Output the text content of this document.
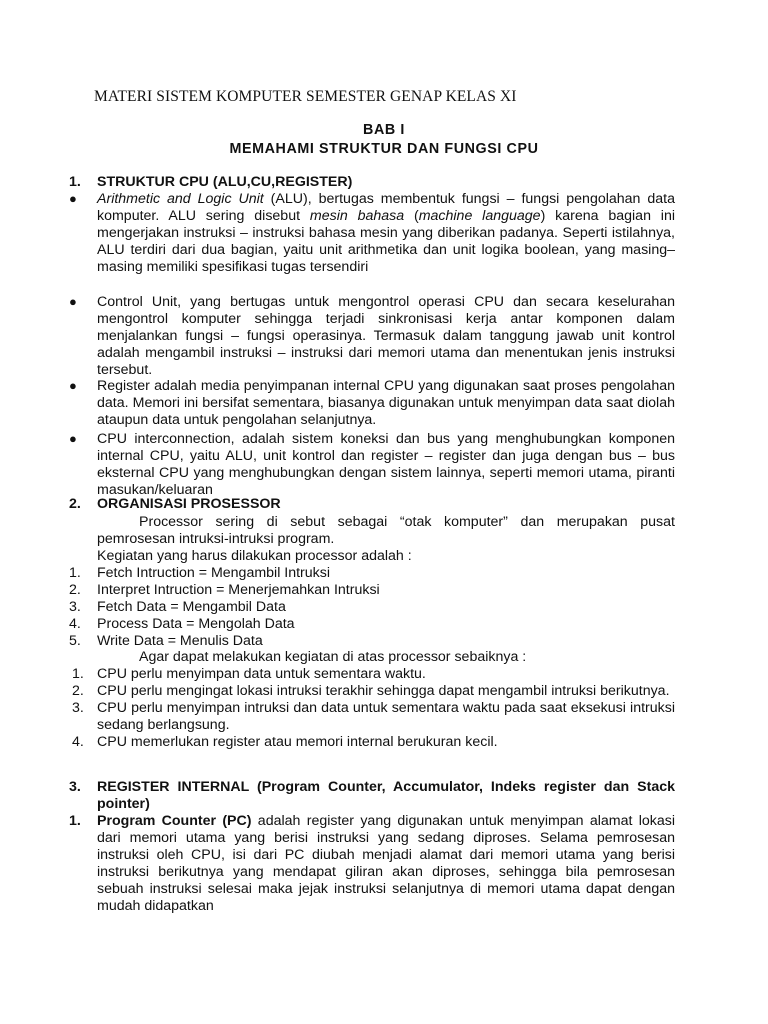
MATERI SISTEM KOMPUTER SEMESTER GENAP KELAS XI
BAB I
MEMAHAMI STRUKTUR DAN FUNGSI CPU
1.	STRUKTUR CPU (ALU,CU,REGISTER)
● Arithmetic and Logic Unit (ALU), bertugas membentuk fungsi – fungsi pengolahan data komputer. ALU sering disebut mesin bahasa (machine language) karena bagian ini mengerjakan instruksi – instruksi bahasa mesin yang diberikan padanya. Seperti istilahnya, ALU terdiri dari dua bagian, yaitu unit arithmetika dan unit logika boolean, yang masing–masing memiliki spesifikasi tugas tersendiri

● Control Unit, yang bertugas untuk mengontrol operasi CPU dan secara keselurahan mengontrol komputer sehingga terjadi sinkronisasi kerja antar komponen dalam menjalankan fungsi – fungsi operasinya. Termasuk dalam tanggung jawab unit kontrol adalah mengambil instruksi – instruksi dari memori utama dan menentukan jenis instruksi tersebut.

● Register adalah media penyimpanan internal CPU yang digunakan saat proses pengolahan data. Memori ini bersifat sementara, biasanya digunakan untuk menyimpan data saat diolah ataupun data untuk pengolahan selanjutnya.

● CPU interconnection, adalah sistem koneksi dan bus yang menghubungkan komponen internal CPU, yaitu ALU, unit kontrol dan register – register dan juga dengan bus – bus eksternal CPU yang menghubungkan dengan sistem lainnya, seperti memori utama, piranti masukan/keluaran

2.	ORGANISASI PROSESSOR

Processor sering di sebut sebagai “otak komputer” dan merupakan pusat pemrosesan intruksi-intruksi program.

Kegiatan yang harus dilakukan processor adalah :

1.	Fetch Intruction = Mengambil Intruksi
2.	Interpret Intruction = Menerjemahkan Intruksi
3.	Fetch Data = Mengambil Data
4.	Process Data = Mengolah Data
5.	Write Data = Menulis Data

Agar dapat melakukan kegiatan di atas processor sebaiknya :

1. CPU perlu menyimpan data untuk sementara waktu.
2. CPU perlu mengingat lokasi intruksi terakhir sehingga dapat mengambil intruksi berikutnya.
3. CPU perlu menyimpan intruksi dan data untuk sementara waktu pada saat eksekusi intruksi sedang berlangsung.
4. CPU memerlukan register atau memori internal berukuran kecil.
3.	REGISTER INTERNAL (Program Counter, Accumulator, Indeks register dan Stack pointer)
1.	Program Counter (PC) adalah register yang digunakan untuk menyimpan alamat lokasi dari memori utama yang berisi instruksi yang sedang diproses. Selama pemrosesan instruksi oleh CPU, isi dari PC diubah menjadi alamat dari memori utama yang berisi instruksi berikutnya yang mendapat giliran akan diproses, sehingga bila pemrosesan sebuah instruksi selesai maka jejak instruksi selanjutnya di memori utama dapat dengan mudah didapatkan
